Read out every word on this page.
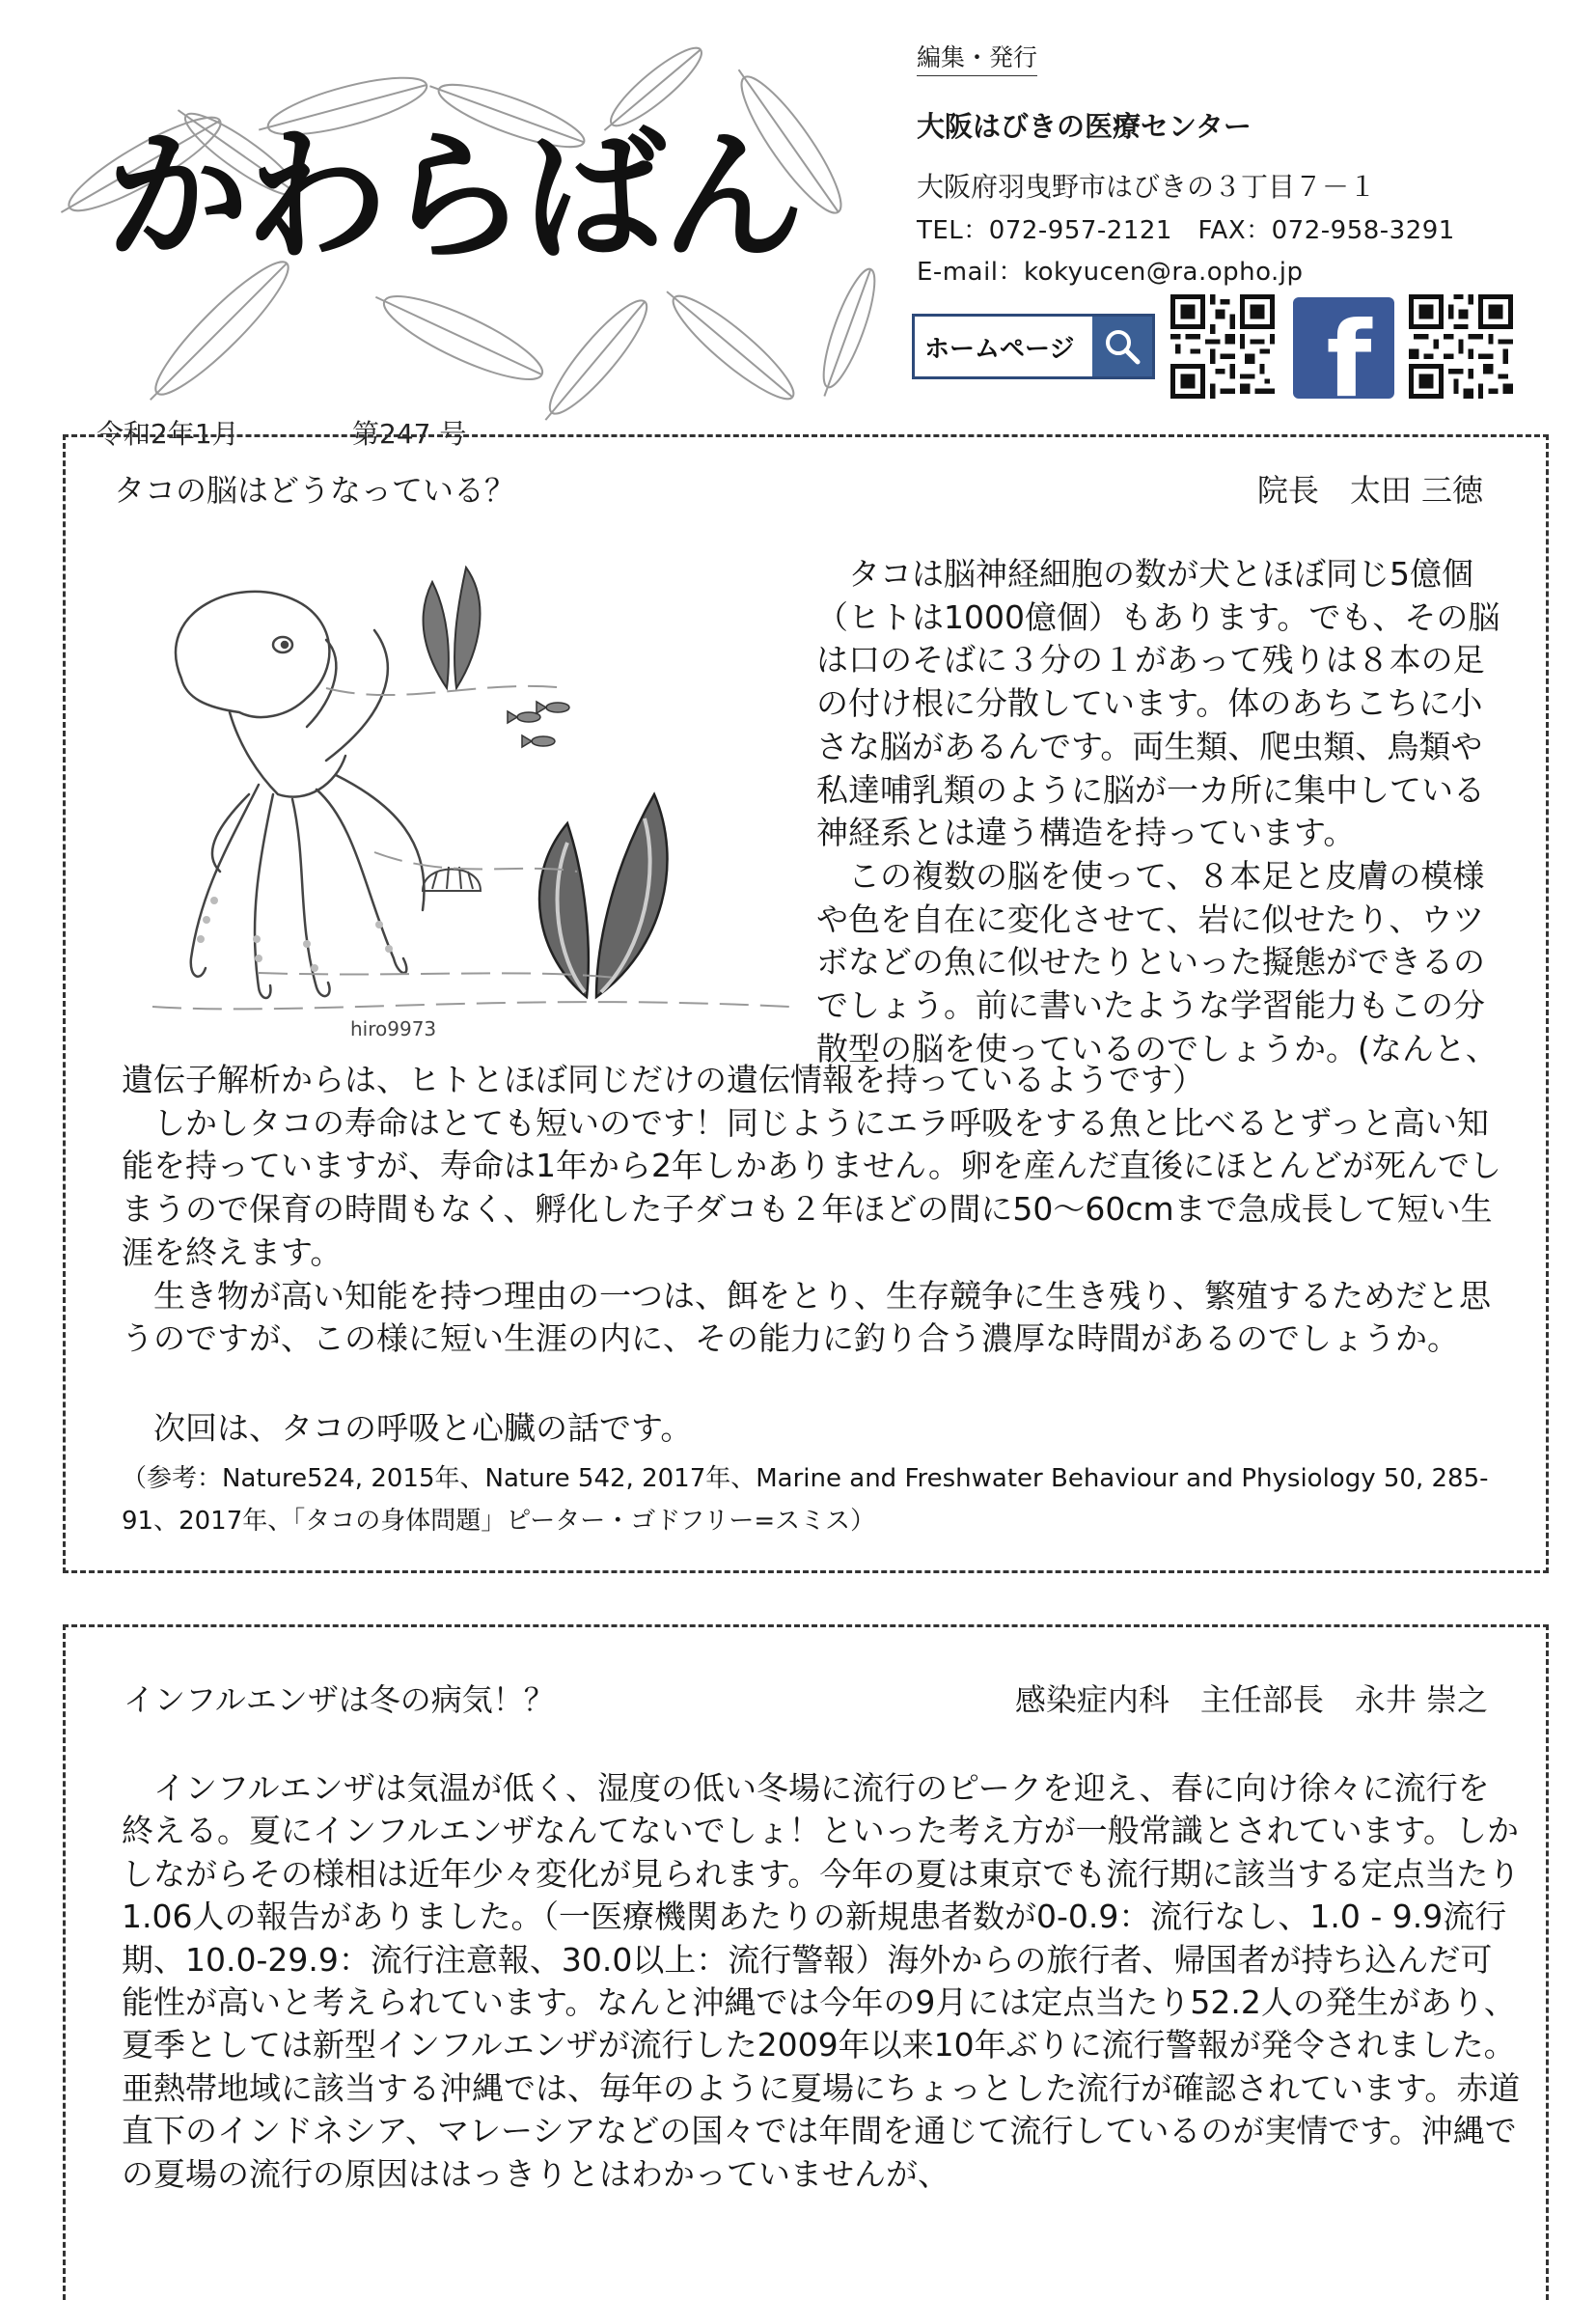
かわらばん
令和2年1月	第247 号
編集・発行
大阪はびきの医療センター
大阪府羽曳野市はびきの３丁目７－１
TEL：072-957-2121　FAX：072-958-3291
E-mail：kokyucen@ra.opho.jp
ホームページ f
タコの脳はどうなっている？	院長　太田 三徳
hiro9973

タコは脳神経細胞の数が犬とほぼ同じ5億個（ヒトは1000億個）もあります。でも、その脳は口のそばに３分の１があって残りは８本の足の付け根に分散しています。体のあちこちに小さな脳があるんです。両生類、爬虫類、鳥類や私達哺乳類のように脳が一カ所に集中している神経系とは違う構造を持っています。
この複数の脳を使って、８本足と皮膚の模様や色を自在に変化させて、岩に似せたり、ウツボなどの魚に似せたりといった擬態ができるのでしょう。前に書いたような学習能力もこの分散型の脳を使っているのでしょうか。(なんと、

遺伝子解析からは、ヒトとほぼ同じだけの遺伝情報を持っているようです）
しかしタコの寿命はとても短いのです！同じようにエラ呼吸をする魚と比べるとずっと高い知能を持っていますが、寿命は1年から2年しかありません。卵を産んだ直後にほとんどが死んでしまうので保育の時間もなく、孵化した子ダコも２年ほどの間に50～60cmまで急成長して短い生涯を終えます。
生き物が高い知能を持つ理由の一つは、餌をとり、生存競争に生き残り、繁殖するためだと思うのですが、この様に短い生涯の内に、その能力に釣り合う濃厚な時間があるのでしょうか。

次回は、タコの呼吸と心臓の話です。

（参考：Nature524, 2015年、Nature 542, 2017年、Marine and Freshwater Behaviour and Physiology 50, 285-91、2017年、「タコの身体問題」ピーター・ゴドフリー=スミス）

インフルエンザは冬の病気！？	感染症内科　主任部長　永井 崇之

インフルエンザは気温が低く、湿度の低い冬場に流行のピークを迎え、春に向け徐々に流行を終える。夏にインフルエンザなんてないでしょ！といった考え方が一般常識とされています。しかしながらその様相は近年少々変化が見られます。今年の夏は東京でも流行期に該当する定点当たり1.06人の報告がありました。（一医療機関あたりの新規患者数が0-0.9：流行なし、1.0 - 9.9流行期、10.0-29.9：流行注意報、30.0以上：流行警報）海外からの旅行者、帰国者が持ち込んだ可能性が高いと考えられています。なんと沖縄では今年の9月には定点当たり52.2人の発生があり、夏季としては新型インフルエンザが流行した2009年以来10年ぶりに流行警報が発令されました。亜熱帯地域に該当する沖縄では、毎年のように夏場にちょっとした流行が確認されています。赤道直下のインドネシア、マレーシアなどの国々では年間を通じて流行しているのが実情です。沖縄での夏場の流行の原因ははっきりとはわかっていませんが、
